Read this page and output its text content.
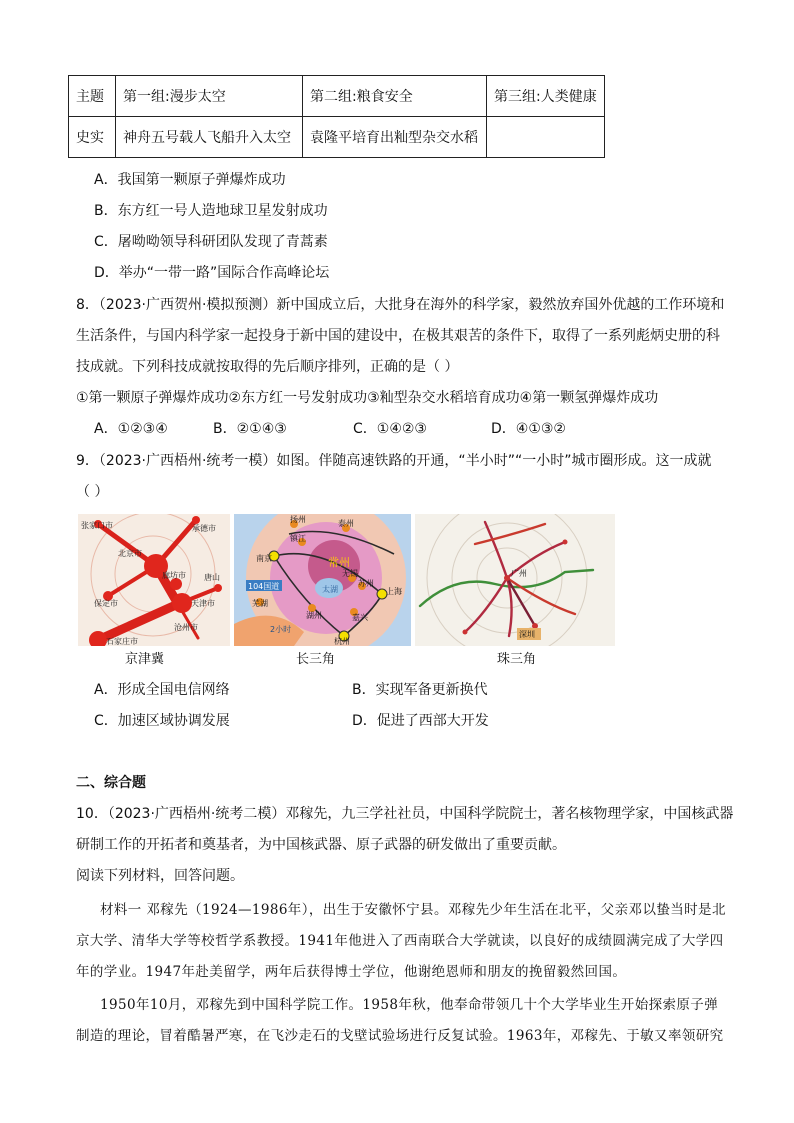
主题	第一组:漫步太空	第二组:粮食安全	第三组:人类健康
史实	神舟五号载人飞船升入太空	袁隆平培育出籼型杂交水稻	
A．我国第一颗原子弹爆炸成功
B．东方红一号人造地球卫星发射成功
C．屠呦呦领导科研团队发现了青蒿素
D．举办“一带一路”国际合作高峰论坛
8．（2023·广西贺州·模拟预测）新中国成立后，大批身在海外的科学家，毅然放弃国外优越的工作环境和
生活条件，与国内科学家一起投身于新中国的建设中，在极其艰苦的条件下，取得了一系列彪炳史册的科
技成就。下列科技成就按取得的先后顺序排列，正确的是（ ）
①第一颗原子弹爆炸成功②东方红一号发射成功③籼型杂交水稻培育成功④第一颗氢弹爆炸成功
A．①②③④	B．②①④③	C．①④②③	D．④①③②
9．（2023·广西梧州·统考一模）如图。伴随高速铁路的开通，“半小时”“一小时”城市圈形成。这一成就
（ ）
张家口市
北京市
承德市
廊坊市
天津市
保定市
唐山
沧州市
石家庄市
京津冀
扬州	泰州
南京
镇江
常州
无锡
苏州
上海
湖州	嘉兴
杭州
芜湖
太湖
104国道
2小时
长三角
广州
深圳
珠三角
A．形成全国电信网络	B．实现军备更新换代
C．加速区域协调发展	D．促进了西部大开发
二、综合题
10．（2023·广西梧州·统考二模）邓稼先，九三学社社员，中国科学院院士，著名核物理学家，中国核武器
研制工作的开拓者和奠基者，为中国核武器、原子武器的研发做出了重要贡献。
阅读下列材料，回答问题。
材料一 邓稼先（1924—1986年），出生于安徽怀宁县。邓稼先少年生活在北平，父亲邓以蛰当时是北
京大学、清华大学等校哲学系教授。1941年他进入了西南联合大学就读，以良好的成绩圆满完成了大学四
年的学业。1947年赴美留学，两年后获得博士学位，他谢绝恩师和朋友的挽留毅然回国。
1950年10月，邓稼先到中国科学院工作。1958年秋，他奉命带领几十个大学毕业生开始探索原子弹
制造的理论，冒着酷暑严寒，在飞沙走石的戈壁试验场进行反复试验。1963年，邓稼先、于敏又率领研究
